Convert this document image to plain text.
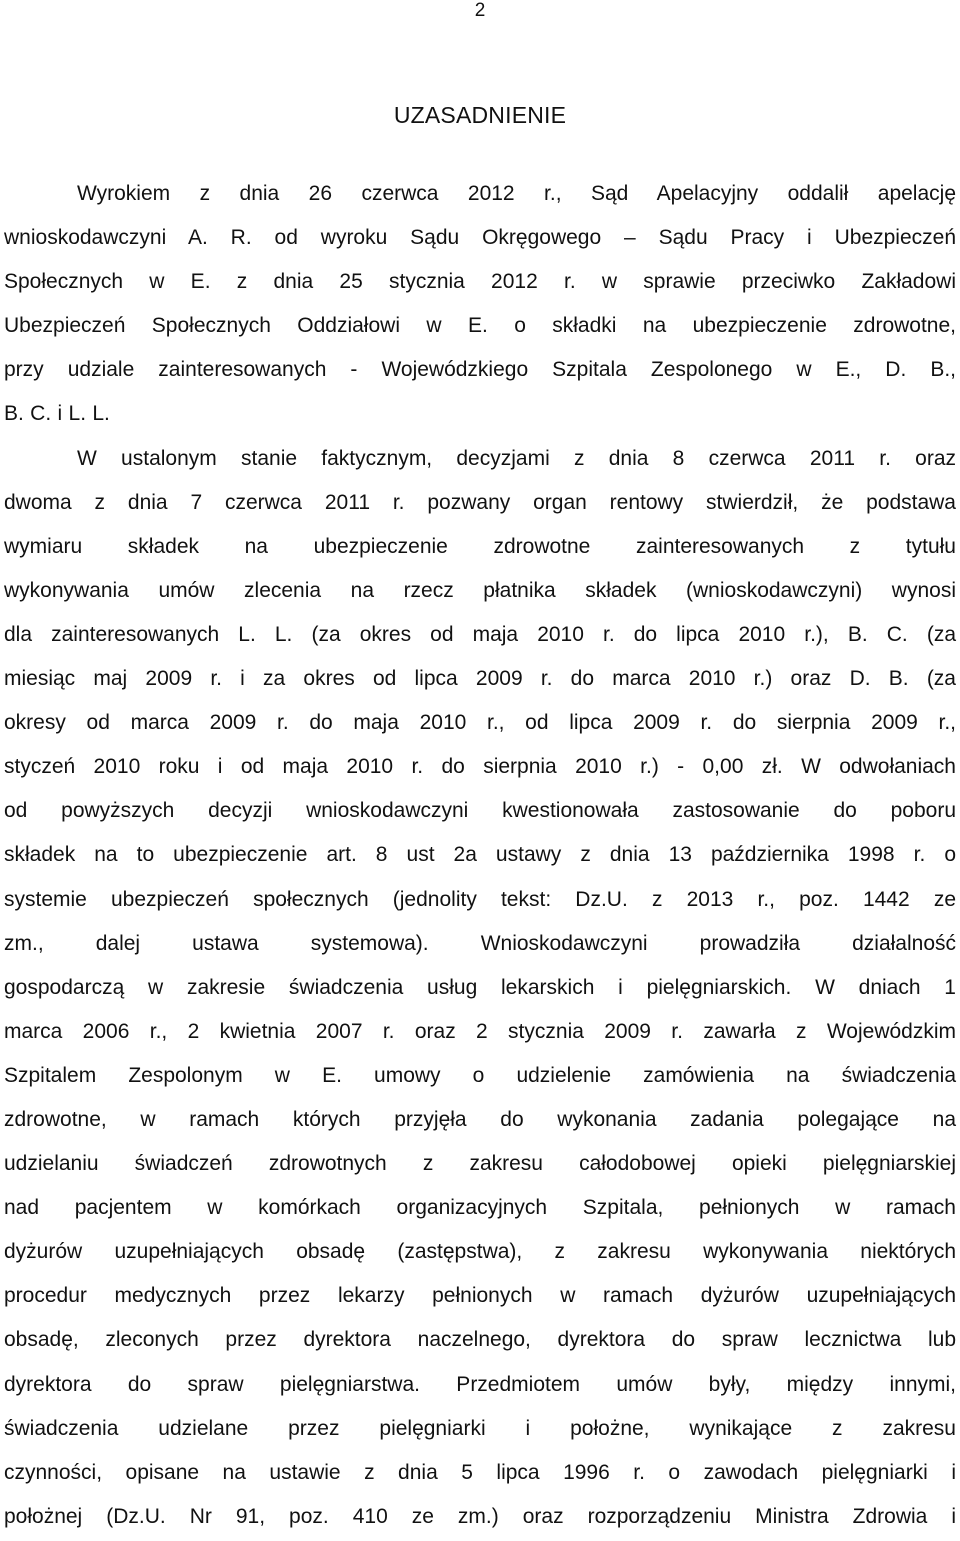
2
UZASADNIENIE
Wyrokiem z dnia 26 czerwca 2012 r., Sąd Apelacyjny oddalił apelację
wnioskodawczyni A. R. od wyroku Sądu Okręgowego – Sądu Pracy i Ubezpieczeń
Społecznych w E. z dnia 25 stycznia 2012 r. w sprawie przeciwko Zakładowi
Ubezpieczeń Społecznych Oddziałowi w E. o składki na ubezpieczenie zdrowotne,
przy udziale zainteresowanych - Wojewódzkiego Szpitala Zespolonego w E., D. B.,
B. C. i L. L.
W ustalonym stanie faktycznym, decyzjami z dnia 8 czerwca 2011 r. oraz
dwoma z dnia 7 czerwca 2011 r. pozwany organ rentowy stwierdził, że podstawa
wymiaru składek na ubezpieczenie zdrowotne zainteresowanych z tytułu
wykonywania umów zlecenia na rzecz płatnika składek (wnioskodawczyni) wynosi
dla zainteresowanych L. L. (za okres od maja 2010 r. do lipca 2010 r.), B. C. (za
miesiąc maj 2009 r. i za okres od lipca 2009 r. do marca 2010 r.) oraz D. B. (za
okresy od marca 2009 r. do maja 2010 r., od lipca 2009 r. do sierpnia 2009 r.,
styczeń 2010 roku i od maja 2010 r. do sierpnia 2010 r.) - 0,00 zł. W odwołaniach
od powyższych decyzji wnioskodawczyni kwestionowała zastosowanie do poboru
składek na to ubezpieczenie art. 8 ust 2a ustawy z dnia 13 października 1998 r. o
systemie ubezpieczeń społecznych (jednolity tekst: Dz.U. z 2013 r., poz. 1442 ze
zm., dalej ustawa systemowa). Wnioskodawczyni prowadziła działalność
gospodarczą w zakresie świadczenia usług lekarskich i pielęgniarskich. W dniach 1
marca 2006 r., 2 kwietnia 2007 r. oraz 2 stycznia 2009 r. zawarła z Wojewódzkim
Szpitalem Zespolonym w E. umowy o udzielenie zamówienia na świadczenia
zdrowotne, w ramach których przyjęła do wykonania zadania polegające na
udzielaniu świadczeń zdrowotnych z zakresu całodobowej opieki pielęgniarskiej
nad pacjentem w komórkach organizacyjnych Szpitala, pełnionych w ramach
dyżurów uzupełniających obsadę (zastępstwa), z zakresu wykonywania niektórych
procedur medycznych przez lekarzy pełnionych w ramach dyżurów uzupełniających
obsadę, zleconych przez dyrektora naczelnego, dyrektora do spraw lecznictwa lub
dyrektora do spraw pielęgniarstwa. Przedmiotem umów były, między innymi,
świadczenia udzielane przez pielęgniarki i położne, wynikające z zakresu
czynności, opisane na ustawie z dnia 5 lipca 1996 r. o zawodach pielęgniarki i
położnej (Dz.U. Nr 91, poz. 410 ze zm.) oraz rozporządzeniu Ministra Zdrowia i
